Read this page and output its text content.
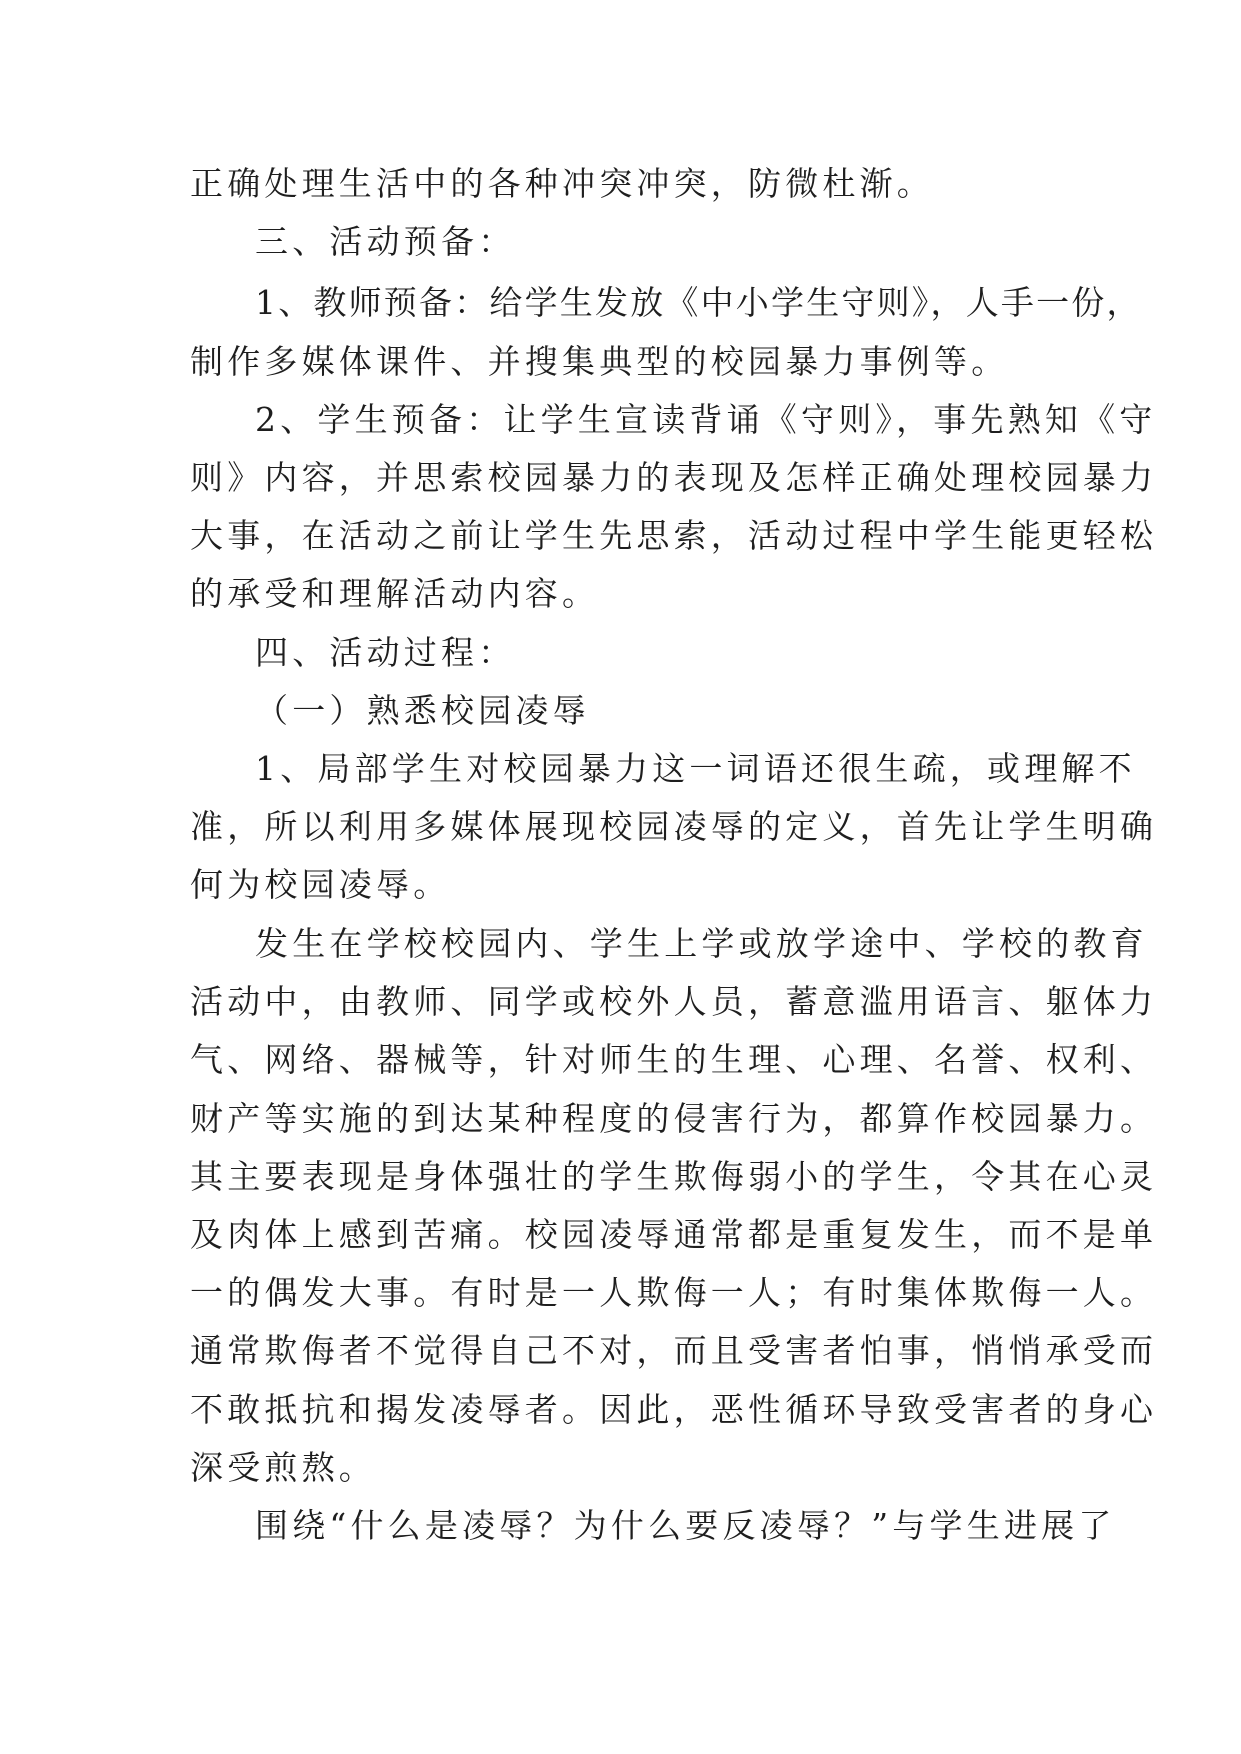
正确处理生活中的各种冲突冲突，防微杜渐。
三、活动预备：
1、教师预备：给学生发放《中小学生守则》，人手一份，
制作多媒体课件、并搜集典型的校园暴力事例等。
2、学生预备：让学生宣读背诵《守则》，事先熟知《守
则》内容，并思索校园暴力的表现及怎样正确处理校园暴力
大事，在活动之前让学生先思索，活动过程中学生能更轻松
的承受和理解活动内容。
四、活动过程：
（一）熟悉校园凌辱
1、局部学生对校园暴力这一词语还很生疏，或理解不
准，所以利用多媒体展现校园凌辱的定义，首先让学生明确
何为校园凌辱。
发生在学校校园内、学生上学或放学途中、学校的教育
活动中，由教师、同学或校外人员，蓄意滥用语言、躯体力
气、网络、器械等，针对师生的生理、心理、名誉、权利、
财产等实施的到达某种程度的侵害行为，都算作校园暴力。
其主要表现是身体强壮的学生欺侮弱小的学生，令其在心灵
及肉体上感到苦痛。校园凌辱通常都是重复发生，而不是单
一的偶发大事。有时是一人欺侮一人；有时集体欺侮一人。
通常欺侮者不觉得自己不对，而且受害者怕事，悄悄承受而
不敢抵抗和揭发凌辱者。因此，恶性循环导致受害者的身心
深受煎熬。
围绕“什么是凌辱？为什么要反凌辱？”与学生进展了
